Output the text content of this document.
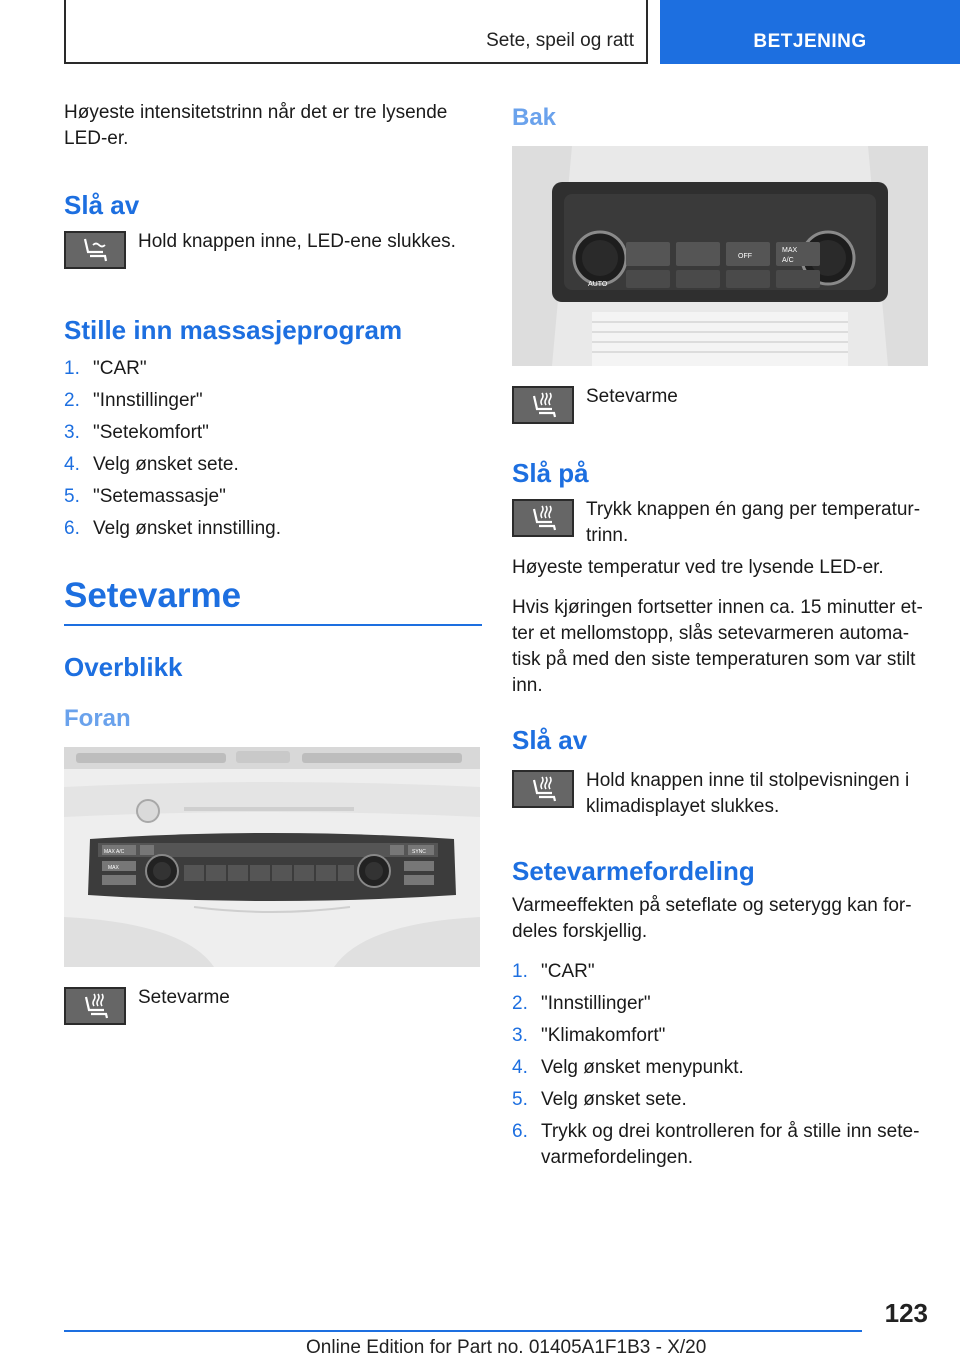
Sete, speil og ratt	BETJENING

Høyeste intensitetstrinn når det er tre lysende LED-er.

Slå av
Hold knappen inne, LED-ene slukkes.
Stille inn massasjeprogram
1. "CAR"
2. "Innstillinger"
3. "Setekomfort"
4. Velg ønsket sete.
5. "Setemassasje"
6. Velg ønsket innstilling.
Setevarme
Overblikk
Foran
MAX A/C	SYNC
MAX
Setevarme
Bak
OFF
MAX
A/C
AUTO
Setevarme
Slå på
Trykk knappen én gang per temperatur-trinn.

Høyeste temperatur ved tre lysende LED-er.

Hvis kjøringen fortsetter innen ca. 15 minutter et-ter et mellomstopp, slås setevarmeren automa-tisk på med den siste temperaturen som var stilt inn.

Slå av
Hold knappen inne til stolpevisningen i klimadisplayet slukkes.
Setevarmefordeling

Varmeeffekten på seteflate og seterygg kan for-deles forskjellig.

1. "CAR"
2. "Innstillinger"
3. "Klimakomfort"
4. Velg ønsket menypunkt.
5. Velg ønsket sete.
6. Trykk og drei kontrolleren for å stille inn sete-varmefordelingen.
123
Online Edition for Part no. 01405A1F1B3 - X/20
